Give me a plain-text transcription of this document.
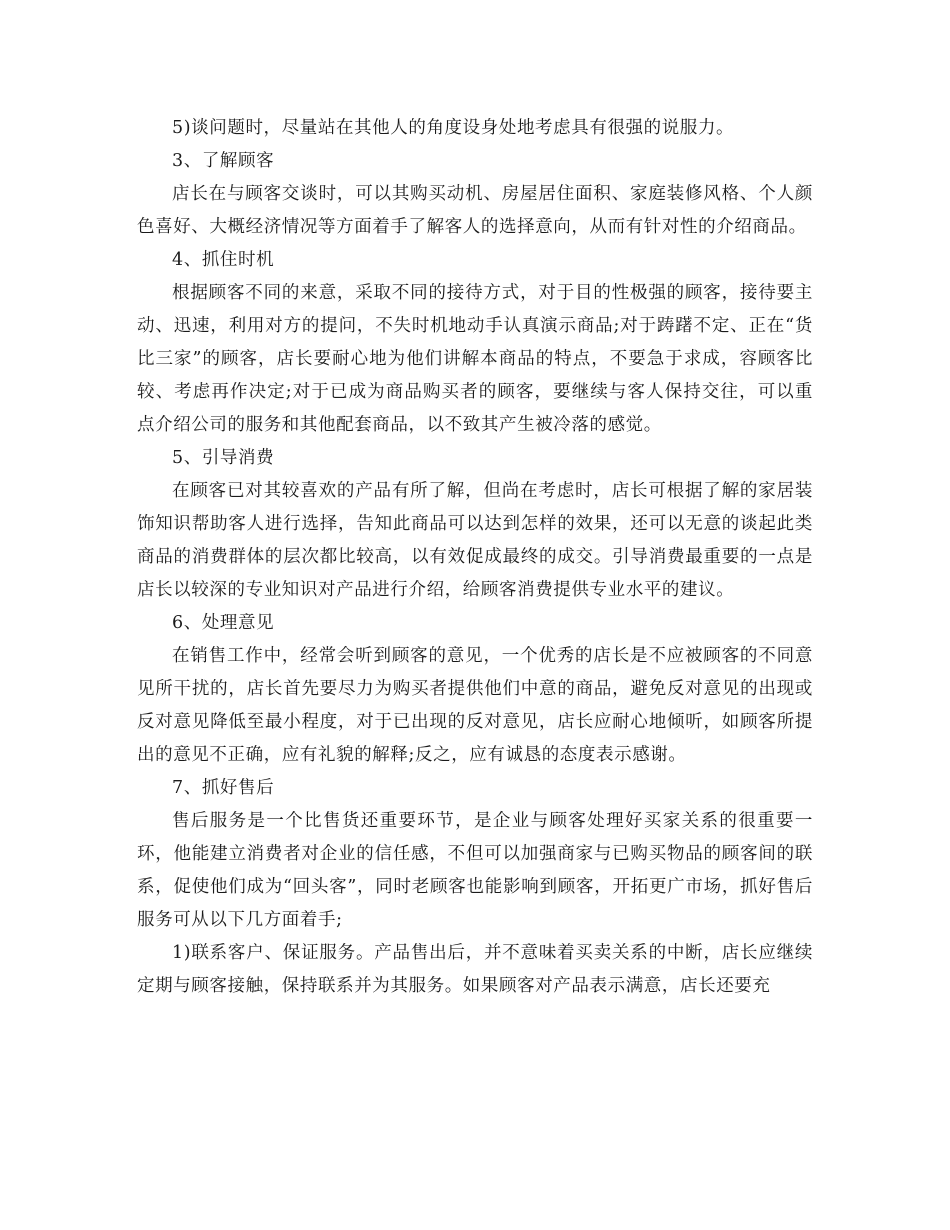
5)谈问题时，尽量站在其他人的角度设身处地考虑具有很强的说服力。

3、了解顾客

店长在与顾客交谈时，可以其购买动机、房屋居住面积、家庭装修风格、个人颜色喜好、大概经济情况等方面着手了解客人的选择意向，从而有针对性的介绍商品。

4、抓住时机

根据顾客不同的来意，采取不同的接待方式，对于目的性极强的顾客，接待要主动、迅速，利用对方的提问，不失时机地动手认真演示商品;对于踌躇不定、正在“货比三家”的顾客，店长要耐心地为他们讲解本商品的特点，不要急于求成，容顾客比较、考虑再作决定;对于已成为商品购买者的顾客，要继续与客人保持交往，可以重点介绍公司的服务和其他配套商品，以不致其产生被冷落的感觉。

5、引导消费

在顾客已对其较喜欢的产品有所了解，但尚在考虑时，店长可根据了解的家居装饰知识帮助客人进行选择，告知此商品可以达到怎样的效果，还可以无意的谈起此类商品的消费群体的层次都比较高，以有效促成最终的成交。引导消费最重要的一点是店长以较深的专业知识对产品进行介绍，给顾客消费提供专业水平的建议。

6、处理意见

在销售工作中，经常会听到顾客的意见，一个优秀的店长是不应被顾客的不同意见所干扰的，店长首先要尽力为购买者提供他们中意的商品，避免反对意见的出现或反对意见降低至最小程度，对于已出现的反对意见，店长应耐心地倾听，如顾客所提出的意见不正确，应有礼貌的解释;反之，应有诚恳的态度表示感谢。

7、抓好售后

售后服务是一个比售货还重要环节，是企业与顾客处理好买家关系的很重要一环，他能建立消费者对企业的信任感，不但可以加强商家与已购买物品的顾客间的联系，促使他们成为“回头客”，同时老顾客也能影响到顾客，开拓更广市场，抓好售后服务可从以下几方面着手;

1)联系客户、保证服务。产品售出后，并不意味着买卖关系的中断，店长应继续定期与顾客接触，保持联系并为其服务。如果顾客对产品表示满意，店长还要充
